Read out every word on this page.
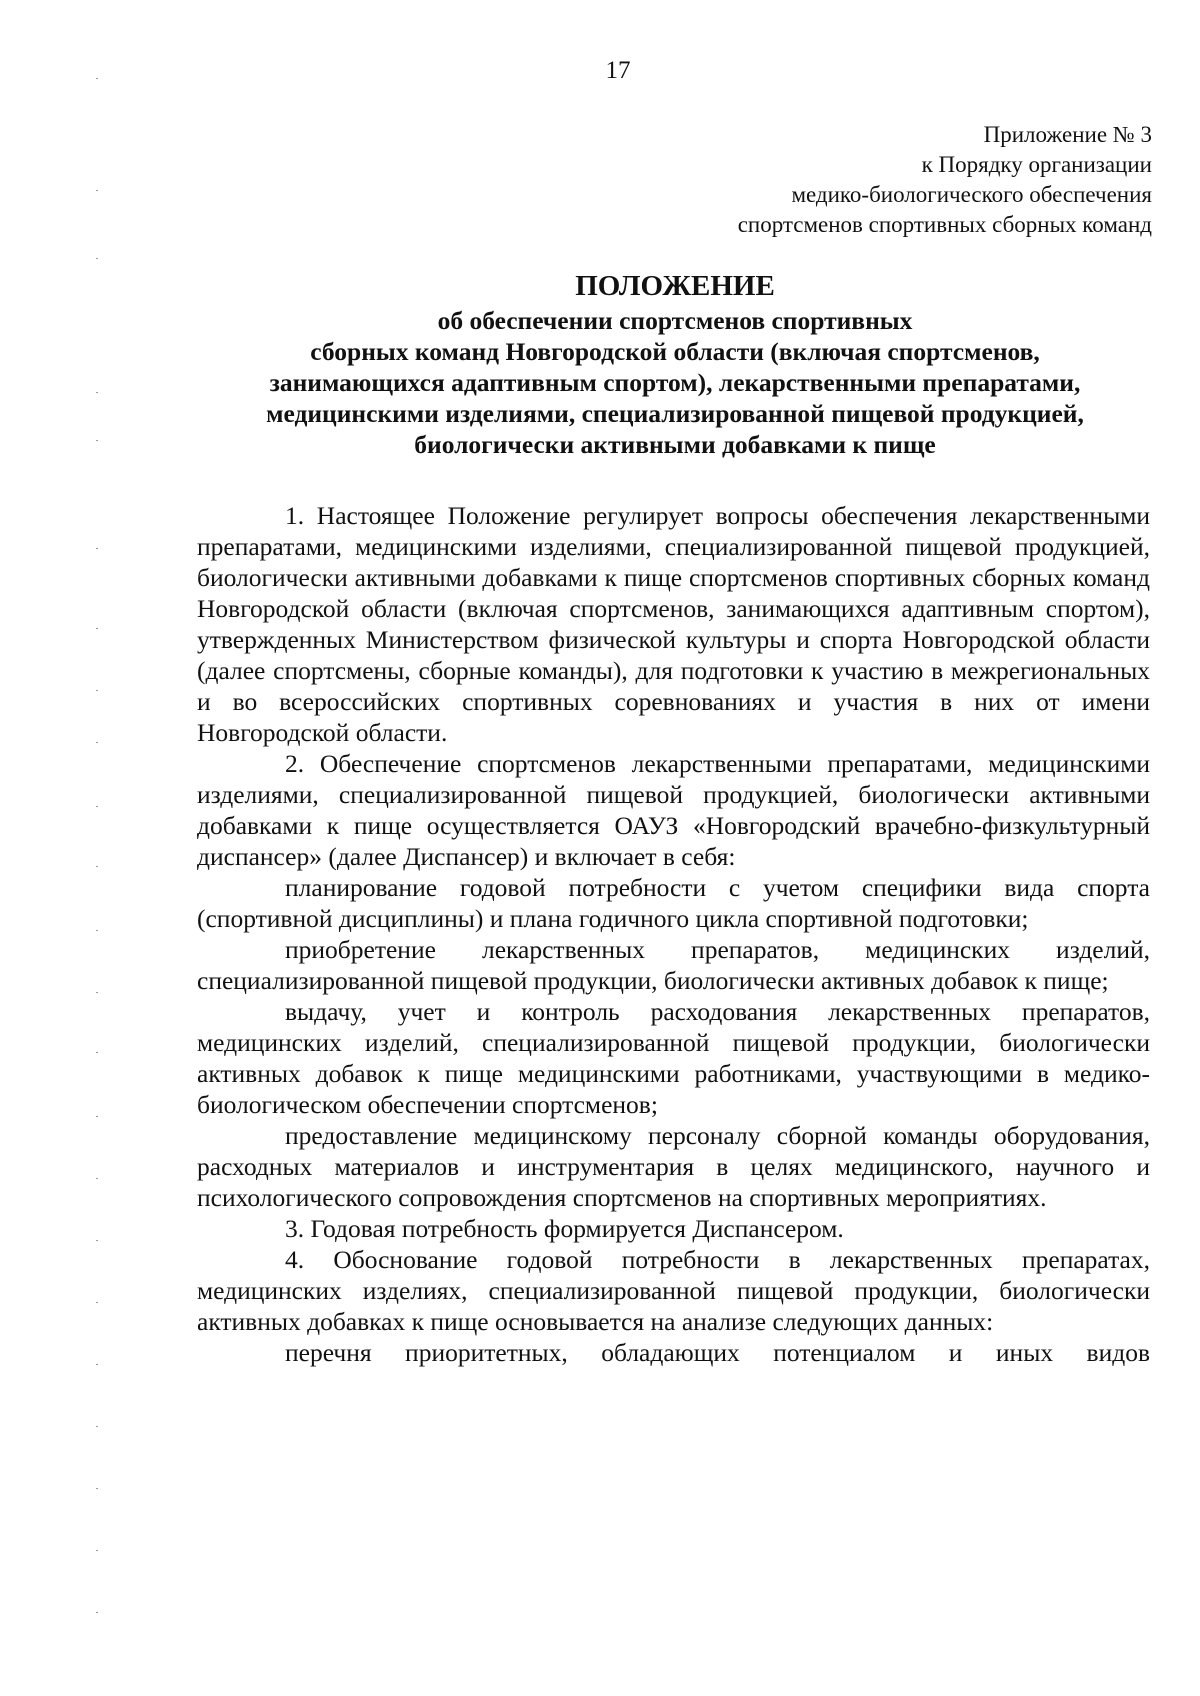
17
Приложение № 3
к Порядку организации
медико-биологического обеспечения
спортсменов спортивных сборных команд
ПОЛОЖЕНИЕ
об обеспечении спортсменов спортивных
сборных команд Новгородской области (включая спортсменов,
занимающихся адаптивным спортом), лекарственными препаратами,
медицинскими изделиями, специализированной пищевой продукцией,
биологически активными добавками к пище

1. Настоящее Положение регулирует вопросы обеспечения лекарственными препаратами, медицинскими изделиями, специализированной пищевой продукцией, биологически активными добавками к пище спортсменов спортивных сборных команд Новгородской области (включая спортсменов, занимающихся адаптивным спортом), утвержденных Министерством физической культуры и спорта Новгородской области (далее спортсмены, сборные команды), для подготовки к участию в межрегиональных и во всероссийских спортивных соревнованиях и участия в них от имени Новгородской области.

2. Обеспечение спортсменов лекарственными препаратами, медицинскими изделиями, специализированной пищевой продукцией, биологически активными добавками к пище осуществляется ОАУЗ «Новгородский врачебно-физкультурный диспансер» (далее Диспансер) и включает в себя:

планирование годовой потребности с учетом специфики вида спорта (спортивной дисциплины) и плана годичного цикла спортивной подготовки;

приобретение лекарственных препаратов, медицинских изделий, специализированной пищевой продукции, биологически активных добавок к пище;

выдачу, учет и контроль расходования лекарственных препаратов, медицинских изделий, специализированной пищевой продукции, биологически активных добавок к пище медицинскими работниками, участвующими в медико-биологическом обеспечении спортсменов;

предоставление медицинскому персоналу сборной команды оборудования, расходных материалов и инструментария в целях медицинского, научного и психологического сопровождения спортсменов на спортивных мероприятиях.

3. Годовая потребность формируется Диспансером.

4. Обоснование годовой потребности в лекарственных препаратах, медицинских изделиях, специализированной пищевой продукции, биологически активных добавках к пище основывается на анализе следующих данных:

перечня приоритетных, обладающих потенциалом и иных видов
